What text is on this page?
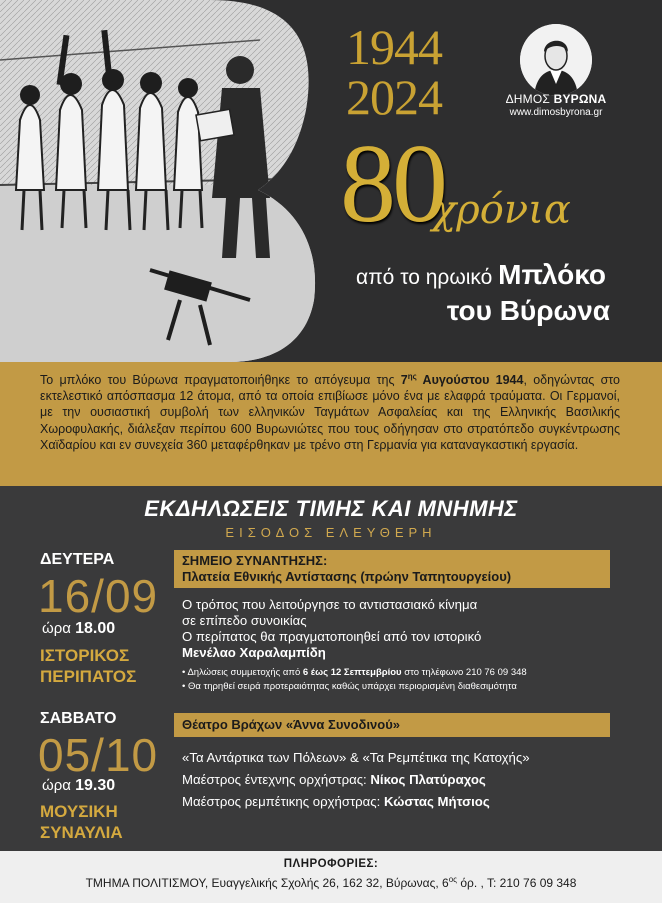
1944
2024
80
χρόνια
από το ηρωικό Μπλόκο
του Βύρωνα
ΔΗΜΟΣ ΒΥΡΩΝΑ
www.dimosbyrona.gr
Το μπλόκο του Βύρωνα πραγματοποιήθηκε το απόγευμα της $7^{\eta\varsigma}$ Αυγούστου 1944, οδηγώντας στο εκτελεστικό απόσπασμα 12 άτομα, από τα οποία επιβίωσε μόνο ένα με ελαφρά τραύματα. Οι Γερμανοί, με την ουσιαστική συμβολή των ελληνικών Ταγμάτων Ασφαλείας και της Ελληνικής Βασιλικής Χωροφυλακής, διάλεξαν περίπου 600 Βυρωνιώτες που τους οδήγησαν στο στρατόπεδο συγκέντρωσης Χαϊδαρίου και εν συνεχεία 360 μεταφέρθηκαν με τρένο στη Γερμανία για καταναγκαστική εργασία.
ΕΚΔΗΛΩΣΕΙΣ ΤΙΜΗΣ ΚΑΙ ΜΝΗΜΗΣ
ΕΙΣΟΔΟΣ ΕΛΕΥΘΕΡΗ
ΔΕΥΤΕΡΑ
16/09
ώρα 18.00
ΙΣΤΟΡΙΚΟΣ
ΠΕΡΙΠΑΤΟΣ
ΣΗΜΕΙΟ ΣΥΝΑΝΤΗΣΗΣ:
Πλατεία Εθνικής Αντίστασης (πρώην Ταπητουργείου)
Ο τρόπος που λειτούργησε το αντιστασιακό κίνημα
σε επίπεδο συνοικίας
Ο περίπατος θα πραγματοποιηθεί από τον ιστορικό
Μενέλαο Χαραλαμπίδη
• Δηλώσεις συμμετοχής από 6 έως 12 Σεπτεμβρίου στο τηλέφωνο 210 76 09 348
• Θα τηρηθεί σειρά προτεραιότητας καθώς υπάρχει περιορισμένη διαθεσιμότητα
ΣΑΒΒΑΤΟ
05/10
ώρα 19.30
ΜΟΥΣΙΚΗ
ΣΥΝΑΥΛΙΑ
Θέατρο Βράχων «Άννα Συνοδινού»
«Τα Αντάρτικα των Πόλεων» & «Τα Ρεμπέτικα της Κατοχής»
Μαέστρος έντεχνης ορχήστρας: Νίκος Πλατύραχος
Μαέστρος ρεμπέτικης ορχήστρας: Κώστας Μήτσιος
ΠΛΗΡΟΦΟΡΙΕΣ:
ΤΜΗΜΑ ΠΟΛΙΤΙΣΜΟΥ, Ευαγγελικής Σχολής 26, 162 32, Βύρωνας, $6^{o\varsigma}$ όρ. , Τ: 210 76 09 348
